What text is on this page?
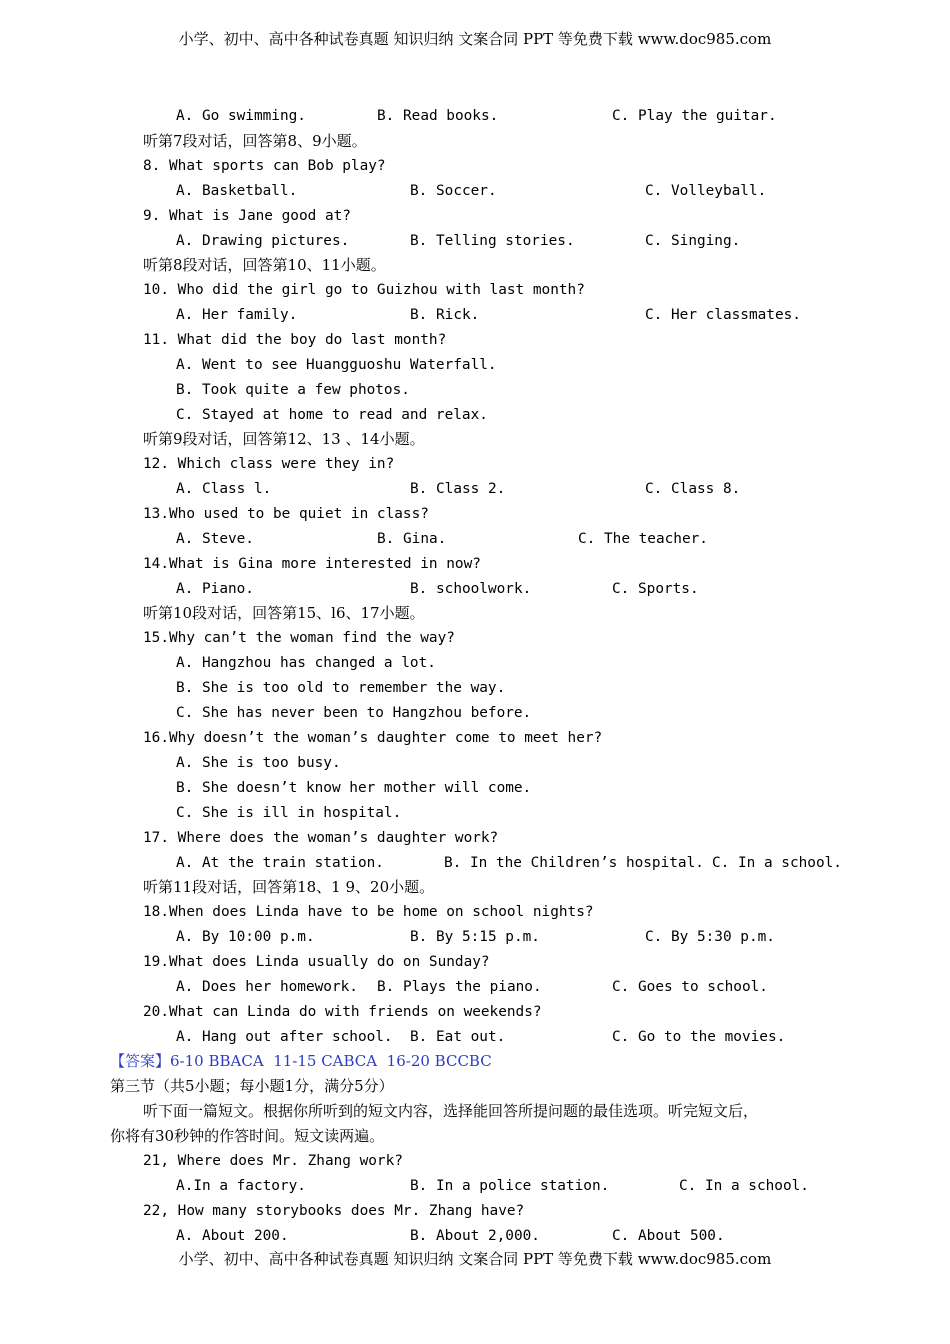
小学、初中、高中各种试卷真题 知识归纳 文案合同 PPT 等免费下载 www.doc985.com
A. Go swimming.	B. Read books.	C. Play the guitar.
听第7段对话，回答第8、9小题。
8. What sports can Bob play?
A. Basketball.	B. Soccer.	C. Volleyball.
9. What is Jane good at?
A. Drawing pictures.	B. Telling stories.	C. Singing.
听第8段对话，回答第10、11小题。
10. Who did the girl go to Guizhou with last month?
A. Her family.	B. Rick.	C. Her classmates.
11. What did the boy do last month?
A. Went to see Huangguoshu Waterfall.
B. Took quite a few photos.
C. Stayed at home to read and relax.
听第9段对话，回答第12、13 、14小题。
12. Which class were they in?
A. Class l.	B. Class 2.	C. Class 8.
13.Who used to be quiet in class?
A. Steve.	B. Gina.	C. The teacher.
14.What is Gina more interested in now?
A. Piano.	B. schoolwork.	C. Sports.
听第10段对话，回答第15、l6、17小题。
15.Why can’t the woman find the way?
A. Hangzhou has changed a lot.
B. She is too old to remember the way.
C. She has never been to Hangzhou before.
16.Why doesn’t the woman’s daughter come to meet her?
A. She is too busy.
B. She doesn’t know her mother will come.
C. She is ill in hospital.
17. Where does the woman’s daughter work?
A. At the train station.	B. In the Children’s hospital. C. In a school.
听第11段对话，回答第18、1 9、20小题。
18.When does Linda have to be home on school nights?
A. By 10:00 p.m.	B. By 5:15 p.m.	C. By 5:30 p.m.
19.What does Linda usually do on Sunday?
A. Does her homework. B. Plays the piano.	C. Goes to school.
20.What can Linda do with friends on weekends?
A. Hang out after school. B. Eat out.	C. Go to the movies.
【答案】6-10 BBACA  11-15 CABCA  16-20 BCCBC
第三节（共5小题；每小题1分，满分5分）
听下面一篇短文。根据你所听到的短文内容，选择能回答所提问题的最佳选项。听完短文后，
你将有30秒钟的作答时间。短文读两遍。
21, Where does Mr. Zhang work?
A.In a factory.	B. In a police station.	C. In a school.
22, How many storybooks does Mr. Zhang have?
A. About 200.	B. About 2,000.	C. About 500.
小学、初中、高中各种试卷真题 知识归纳 文案合同 PPT 等免费下载 www.doc985.com
